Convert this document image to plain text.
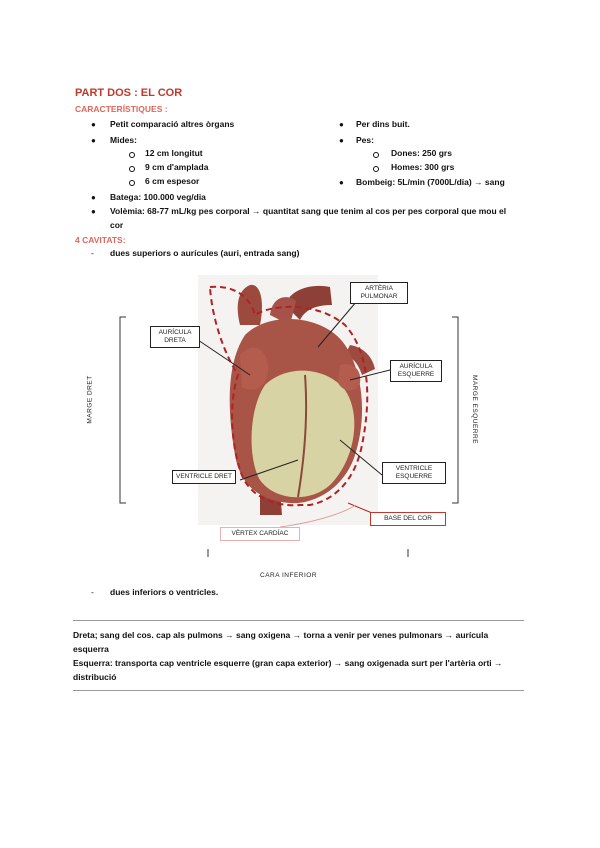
PART DOS : EL COR
CARACTERÍSTIQUES :
● Petit comparació altres òrgans
● Mides:
12 cm longitut
9 cm d'amplada
6 cm espesor
● Per dins buit.
● Pes:
Dones: 250 grs
Homes: 300 grs
● Bombeig: 5L/min (7000L/dia) → sang
● Batega: 100.000 veg/dia
● Volèmia: 68-77 mL/kg pes corporal → quantitat sang que tenim al cos per pes corporal que mou el
cor
4 CAVITATS:
- dues superiors o aurícules (auri, entrada sang)
AURÍCULA DRETA
ARTÈRIA PULMONAR
AURÍCULA ESQUERRE
VENTRICLE DRET
VENTRICLE ESQUERRE
BASE DEL COR
VÈRTEX CARDÍAC
CARA INFERIOR
MARGE DRET	MARGE ESQUERRE
- dues inferiors o ventricles.
Dreta; sang del cos. cap als pulmons → sang oxigena → torna a venir per venes pulmonars → aurícula
esquerra
Esquerra: transporta cap ventricle esquerre (gran capa exterior) → sang oxigenada surt per l'artèria orti →
distribució
